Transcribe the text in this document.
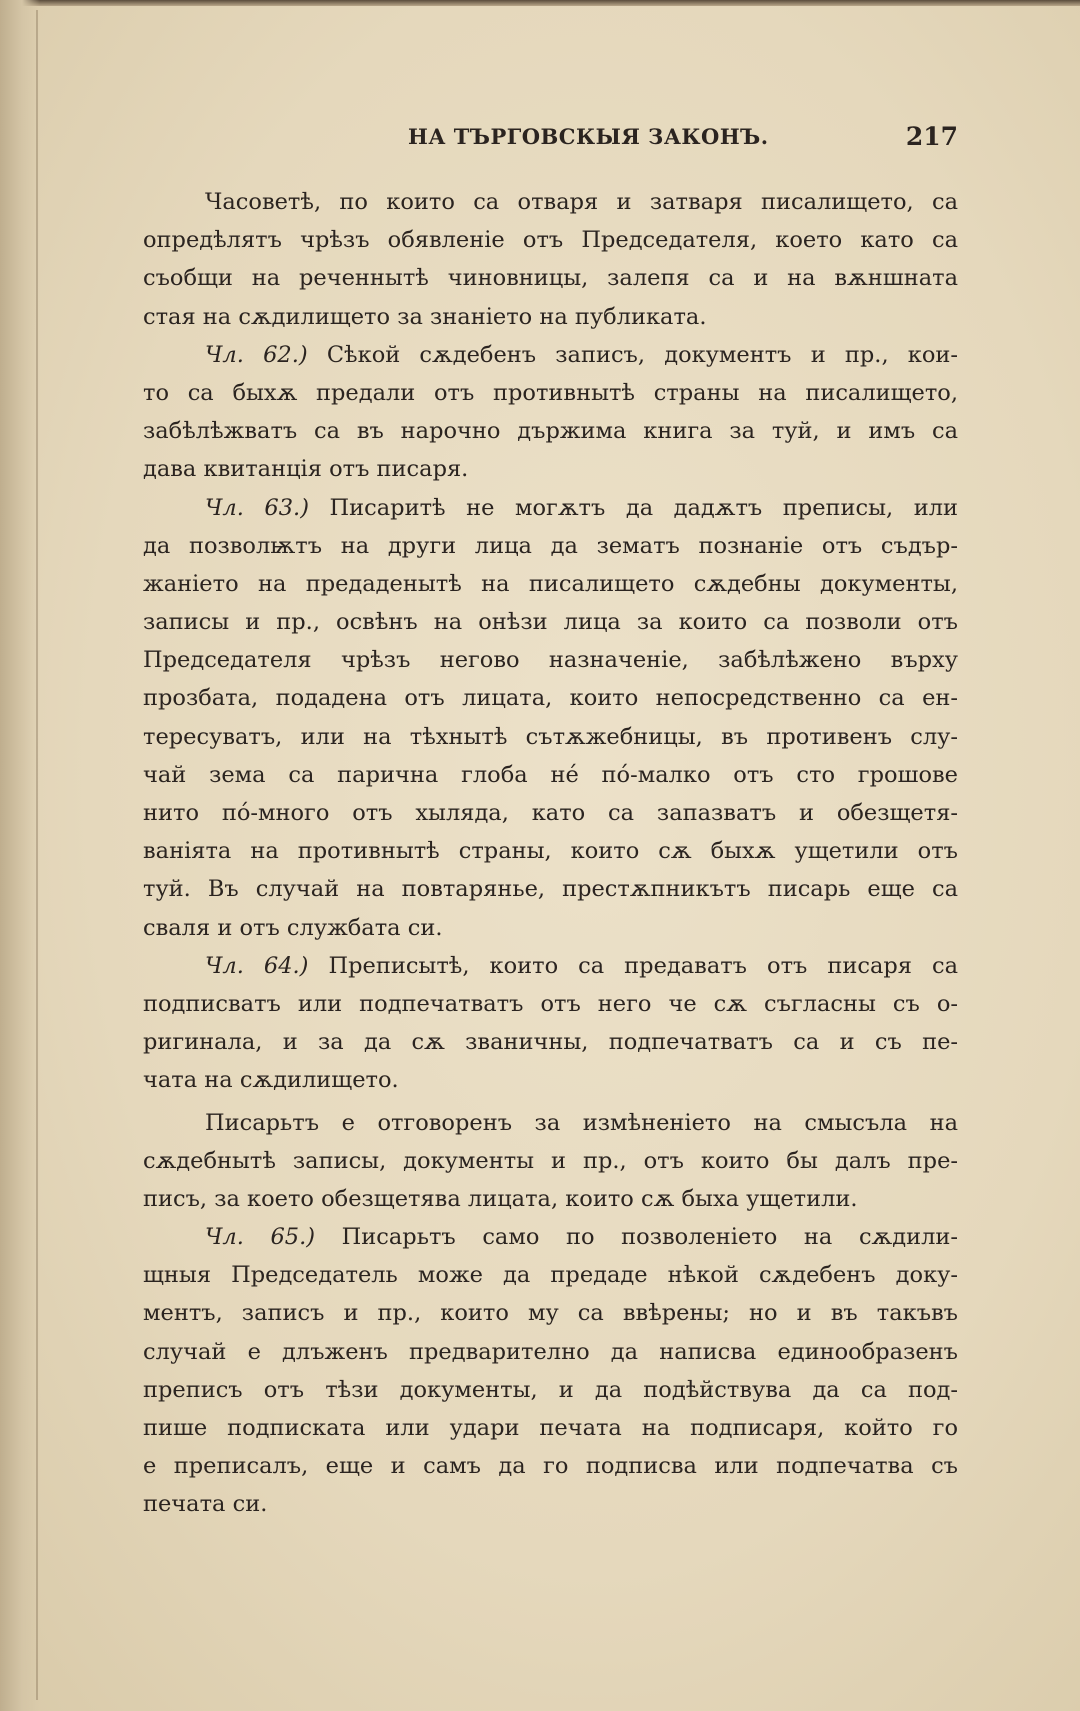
НА ТЪРГОВСКЫЯ ЗАКОНЪ.	217
Часоветѣ, по които са отваря и затваря писалището, са
опредѣлятъ чрѣзъ обявленіе отъ Председателя, което като са
съобщи на реченнытѣ чиновницы, залепя са и на вѫншната
стая на сѫдилището за знаніето на публиката.
Чл. 62.) Сѣкой сѫдебенъ записъ, документъ и пр., кои-
то са быхѫ предали отъ противнытѣ страны на писалището,
забѣлѣжватъ са въ нарочно държима книга за туй, и имъ са
дава квитанція отъ писаря.
Чл. 63.) Писаритѣ не могѫтъ да дадѫтъ преписы, или
да позволѭтъ на други лица да зематъ познаніе отъ съдър-
жаніето на предаденытѣ на писалището сѫдебны документы,
записы и пр., освѣнъ на онѣзи лица за които са позволи отъ
Председателя чрѣзъ негово назначеніе, забѣлѣжено върху
прозбата, подадена отъ лицата, които непосредственно са ен-
тересуватъ, или на тѣхнытѣ сътѫжебницы, въ противенъ слу-
чай зема са парична глоба не́ по́-малко отъ сто грошове
нито по́-много отъ хыляда, като са запазватъ и обезщетя-
ваніята на противнытѣ страны, които сѫ быхѫ ущетили отъ
туй. Въ случай на повтарянье, престѫпникътъ писарь еще са
сваля и отъ службата си.
Чл. 64.) Преписытѣ, които са предаватъ отъ писаря са
подписватъ или подпечатватъ отъ него че сѫ съгласны съ о-
ригинала, и за да сѫ званичны, подпечатватъ са и съ пе-
чата на сѫдилището.
Писарьтъ е отговоренъ за измѣненіето на смысъла на
сѫдебнытѣ записы, документы и пр., отъ които бы далъ пре-
писъ, за което обезщетява лицата, които сѫ быха ущетили.
Чл. 65.) Писарьтъ само по позволеніето на сѫдили-
щныя Председатель може да предаде нѣкой сѫдебенъ доку-
ментъ, записъ и пр., които му са ввѣрены; но и въ такъвъ
случай е длъженъ предварително да написва единообразенъ
преписъ отъ тѣзи документы, и да подѣйствува да са под-
пише подписката или удари печата на подписаря, който го
е преписалъ, еще и самъ да го подписва или подпечатва съ
печата си.
